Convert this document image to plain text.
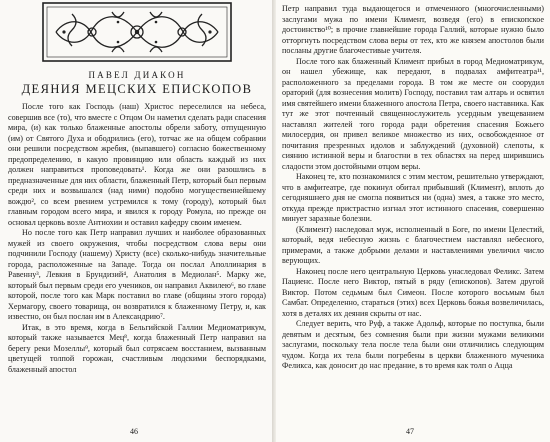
ПАВЕЛ ДИАКОН
ДЕЯНИЯ МЕЦСКИХ ЕПИСКОПОВ

После того как Господь (наш) Христос переселился на небеса, совершив все (то), что вместе с Отцом Он наметил сделать ради спасения мира, (и) как только блаженные апостолы обрели заботу, отпущенную (им) от Святого Духа и ободрились (его), тотчас же на общем собрании они решили посредством жребия, (выпавшего) согласно божественному предопределению, в какую провинцию или область каждый из них должен направиться проповедовать¹. Когда же они разошлись в предназначенные для них области, блаженный Петр, который был первым среди них и возвышался (над ними) подобно могущественнейшему вождю², со всем рвением устремился к тому (городу), который был главным городом всего мира, и явился к городу Ромула, но прежде он основал церковь возле Антиохии и оставил кафедру своим именем.

Но после того как Петр направил лучших и наиболее образованных мужей из своего окружения, чтобы посредством слова веры они подчинили Господу (нашему) Христу (все) сколько-нибудь значительные города, расположенные на Западе. Тогда он послал Аполлинария в Равенну³, Левкия в Брундизий⁴, Анатолия в Медиолан⁵. Марку же, который был первым среди его учеников, он направил Аквилею⁶, во главе которой, после того как Марк поставил во главе (общины этого города) Хермагору, своего товарища, он возвратился к блаженному Петру, и, как известно, он был послан им в Александрию⁷.

Итак, в это время, когда в Бельгийской Галлии Медиоматрикум, который также называется Мец⁸, когда блаженный Петр направил на берегу реки Мозеллы⁹, который был сотрясаем восстанием, вызванным цветущей толпой горожан, счастливым людскими беспорядками, блаженный апостол

46

Петр направил туда выдающегося и отмеченного (многочисленными) заслугами мужа по имени Климент, возведя (его) в епископское достоинство¹⁰; в прочие главнейшие города Галлий, которые нужно было отторгнуть посредством слова веры от тех, кто же князем апостолов были посланы другие благочестивые учителя.

После того как блаженный Климент прибыл в город Медиоматрикум, он нашел убежище, как передают, в подвалах амфитеатра¹¹, расположенного за пределами города. В том же месте он соорудил ораторий (для вознесения молитв) Господу, поставил там алтарь и освятил имя святейшего имени блаженного апостола Петра, своего наставника. Как тут же этот почтенный священнослужитель усердным увещеванием наставлял жителей того города ради обретения спасения Божьего милосердия, он привел великое множество из них, освобожденное от почитания презренных идолов и заблуждений (духовной) слепоты, к сиянию истинной веры и благостни в тех областях на перед ширившись сладости этом достойными отцом веры.

Наконец те, кто познакомился с этим местом, решительно утверждают, что в амфитеатре, где покинул обитал прибывший (Климент), вплоть до сегодняшнего дня не смогла появиться ни (одна) змея, а также это место, откуда прежде пристрастно изгнал этот истинного спасения, совершенно минует заразные болезни.

(Климент) наследовал муж, исполненный в Боге, по имени Целестий, который, ведя небесную жизнь с благочестием наставлял небесного, примерами, а также добрыми делами и наставлениями увеличил число верующих.

Наконец после него центральную Церковь унаследовал Феликс. Затем Пациенс. После него Виктор, пятый в ряду (епископов). Затем другой Виктор. Потом седьмым был Симеон. После которого восьмым был Самбат. Определенно, стараться (этих) всех Церковь божья возвеличилась, хотя в деталях их деяния скрыты от нас.

Следует верить, что Руф, а также Адольф, которые по поступка, были девятым и десятым, без сомнения были при жизни мужами великими заслугами, поскольку тела после тела были они отличились следующим чудом. Когда их тела были погребены в церкви блаженного мученика Феликса, как доносит до нас предание, в то время как толп о Ацца

47
